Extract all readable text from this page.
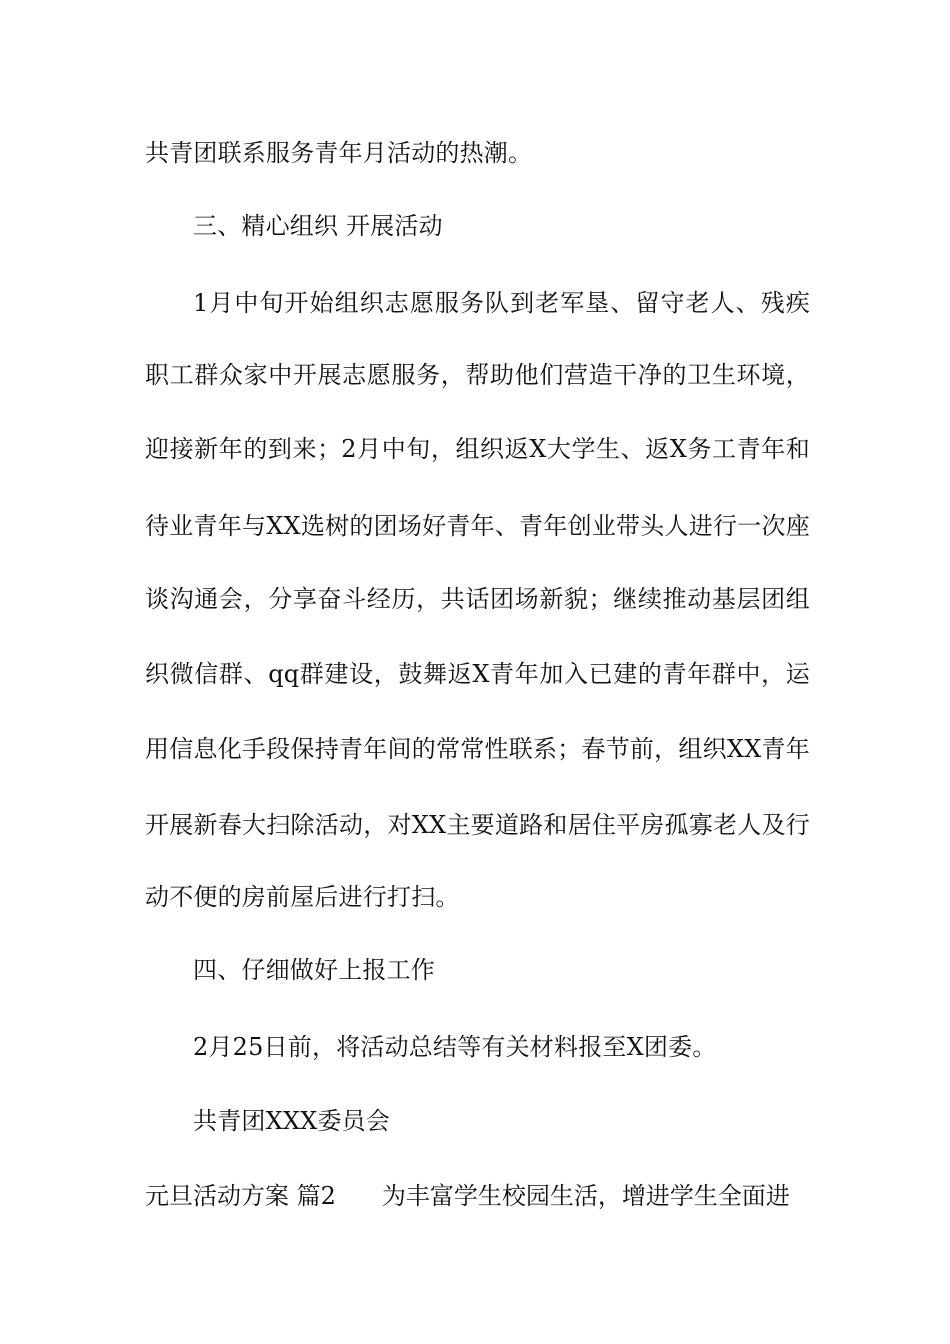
共青团联系服务青年月活动的热潮。
三、精心组织 开展活动
1月中旬开始组织志愿服务队到老军垦、留守老人、残疾
职工群众家中开展志愿服务，帮助他们营造干净的卫生环境，
迎接新年的到来；2月中旬，组织返X大学生、返X务工青年和
待业青年与XX选树的团场好青年、青年创业带头人进行一次座
谈沟通会，分享奋斗经历，共话团场新貌；继续推动基层团组
织微信群、qq群建设，鼓舞返X青年加入已建的青年群中，运
用信息化手段保持青年间的常常性联系；春节前，组织XX青年
开展新春大扫除活动，对XX主要道路和居住平房孤寡老人及行
动不便的房前屋后进行打扫。
四、仔细做好上报工作
2月25日前，将活动总结等有关材料报至X团委。
共青团XXX委员会
元旦活动方案 篇2 为丰富学生校园生活，增进学生全面进
